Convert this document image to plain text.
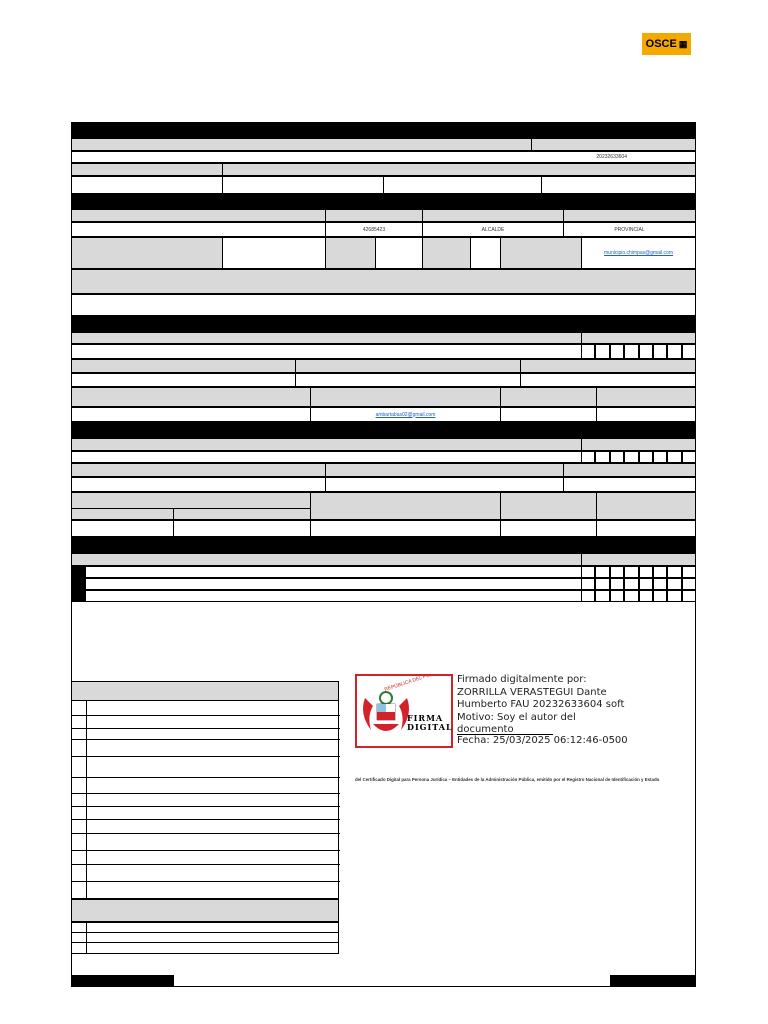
OSCE ▦
20232633604
42685423	ALCALDE	PROVINCIAL
municipio.chimpas@gmail.com
ambartabas02@gmail.com
REPÚBLICA DEL PERÚ
FIRMA DIGITAL
Firmado digitalmente por:
ZORRILLA VERASTEGUI Dante
Humberto FAU 20232633604 soft
Motivo: Soy el autor del
documento
Fecha: 25/03/2025 06:12:46-0500
del Certificado Digital para Persona Jurídica – Entidades de la Administración Pública, emitido por el Registro Nacional de Identificación y Estado
